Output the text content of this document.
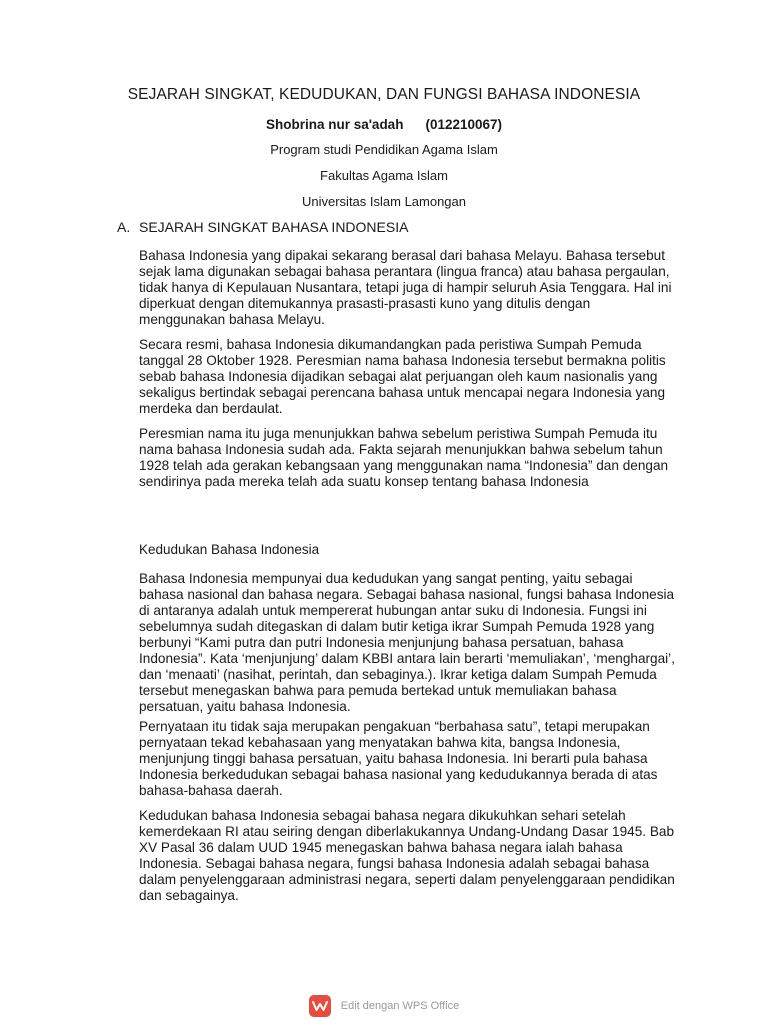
SEJARAH SINGKAT, KEDUDUKAN, DAN FUNGSI BAHASA INDONESIA
Shobrina nur sa'adah (012210067)
Program studi Pendidikan Agama Islam
Fakultas Agama Islam
Universitas Islam Lamongan
A. SEJARAH SINGKAT BAHASA INDONESIA

Bahasa Indonesia yang dipakai sekarang berasal dari bahasa Melayu. Bahasa tersebut sejak lama digunakan sebagai bahasa perantara (lingua franca) atau bahasa pergaulan, tidak hanya di Kepulauan Nusantara, tetapi juga di hampir seluruh Asia Tenggara. Hal ini diperkuat dengan ditemukannya prasasti-prasasti kuno yang ditulis dengan menggunakan bahasa Melayu.

Secara resmi, bahasa Indonesia dikumandangkan pada peristiwa Sumpah Pemuda tanggal 28 Oktober 1928. Peresmian nama bahasa Indonesia tersebut bermakna politis sebab bahasa Indonesia dijadikan sebagai alat perjuangan oleh kaum nasionalis yang sekaligus bertindak sebagai perencana bahasa untuk mencapai negara Indonesia yang merdeka dan berdaulat.

Peresmian nama itu juga menunjukkan bahwa sebelum peristiwa Sumpah Pemuda itu nama bahasa Indonesia sudah ada. Fakta sejarah menunjukkan bahwa sebelum tahun 1928 telah ada gerakan kebangsaan yang menggunakan nama “Indonesia” dan dengan sendirinya pada mereka telah ada suatu konsep tentang bahasa Indonesia

Kedudukan Bahasa Indonesia

Bahasa Indonesia mempunyai dua kedudukan yang sangat penting, yaitu sebagai bahasa nasional dan bahasa negara. Sebagai bahasa nasional, fungsi bahasa Indonesia di antaranya adalah untuk mempererat hubungan antar suku di Indonesia. Fungsi ini sebelumnya sudah ditegaskan di dalam butir ketiga ikrar Sumpah Pemuda 1928 yang berbunyi “Kami putra dan putri Indonesia menjunjung bahasa persatuan, bahasa Indonesia”. Kata ‘menjunjung’ dalam KBBI antara lain berarti ‘memuliakan’, ‘menghargai’, dan ‘menaati’ (nasihat, perintah, dan sebaginya.). Ikrar ketiga dalam Sumpah Pemuda tersebut menegaskan bahwa para pemuda bertekad untuk memuliakan bahasa persatuan, yaitu bahasa Indonesia.

Pernyataan itu tidak saja merupakan pengakuan “berbahasa satu”, tetapi merupakan pernyataan tekad kebahasaan yang menyatakan bahwa kita, bangsa Indonesia, menjunjung tinggi bahasa persatuan, yaitu bahasa Indonesia. Ini berarti pula bahasa Indonesia berkedudukan sebagai bahasa nasional yang kedudukannya berada di atas bahasa-bahasa daerah.

Kedudukan bahasa Indonesia sebagai bahasa negara dikukuhkan sehari setelah kemerdekaan RI atau seiring dengan diberlakukannya Undang-Undang Dasar 1945. Bab XV Pasal 36 dalam UUD 1945 menegaskan bahwa bahasa negara ialah bahasa Indonesia. Sebagai bahasa negara, fungsi bahasa Indonesia adalah sebagai bahasa dalam penyelenggaraan administrasi negara, seperti dalam penyelenggaraan pendidikan dan sebagainya.

Edit dengan WPS Office
